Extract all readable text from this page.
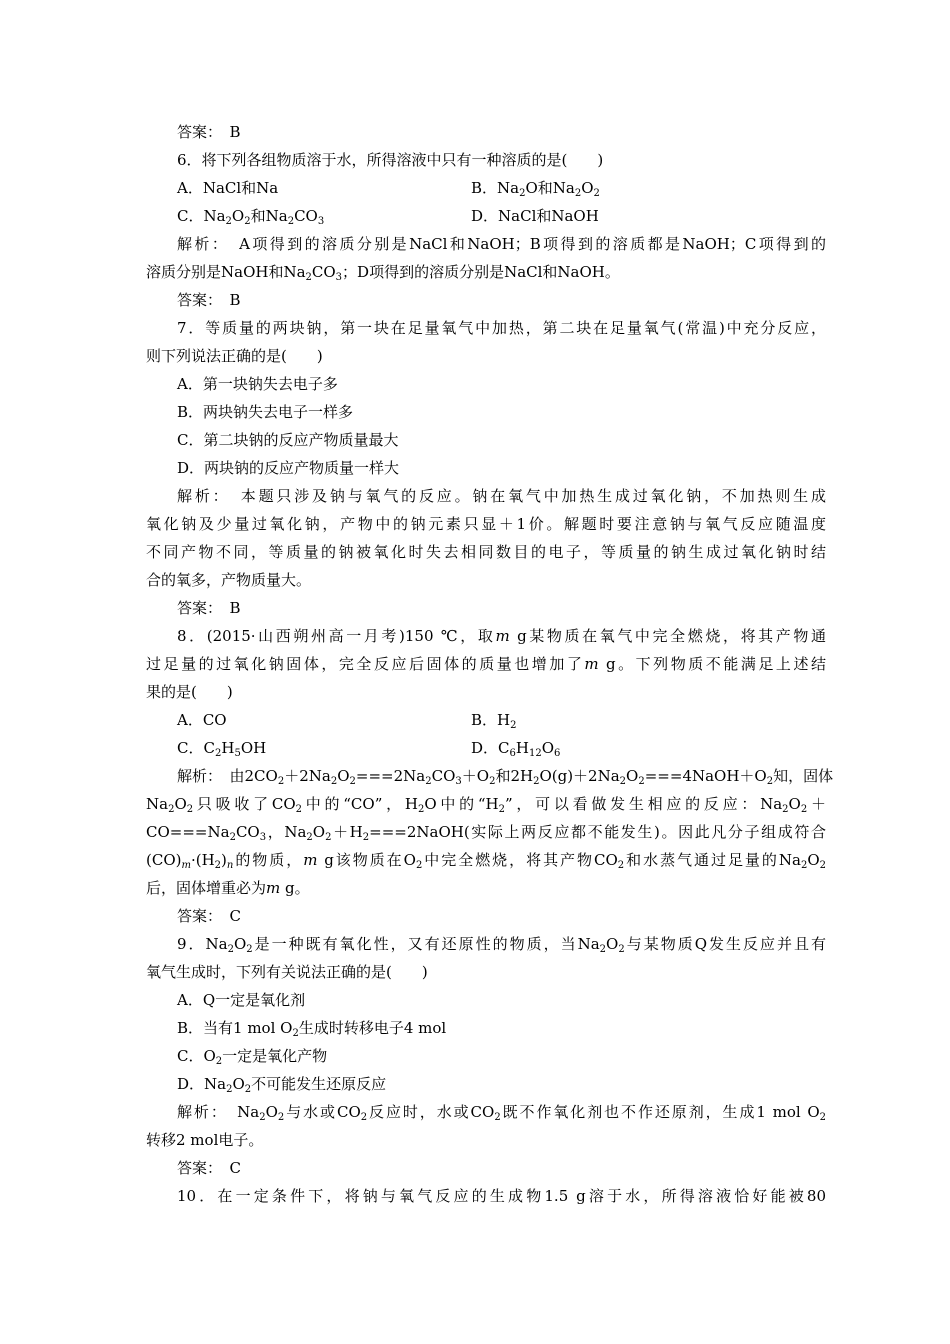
答案：　B
6．将下列各组物质溶于水，所得溶液中只有一种溶质的是(　　)
A．NaCl和Na	B．$Na_2O$和$Na_2O_2$
C．$Na_2O_2$和$Na_2CO_3$	D．NaCl和NaOH
解析：　A项得到的溶质分别是NaCl和NaOH；B项得到的溶质都是NaOH；C项得到的
溶质分别是NaOH和$Na_2CO_3$；D项得到的溶质分别是NaCl和NaOH。
答案：　B
7．等质量的两块钠，第一块在足量氧气中加热，第二块在足量氧气(常温)中充分反应，
则下列说法正确的是(　　)
A．第一块钠失去电子多
B．两块钠失去电子一样多
C．第二块钠的反应产物质量最大
D．两块钠的反应产物质量一样大
解析：　本题只涉及钠与氧气的反应。钠在氧气中加热生成过氧化钠，不加热则生成
氧化钠及少量过氧化钠，产物中的钠元素只显＋1价。解题时要注意钠与氧气反应随温度
不同产物不同，等质量的钠被氧化时失去相同数目的电子，等质量的钠生成过氧化钠时结
合的氧多，产物质量大。
答案：　B
8．(2015·山西朔州高一月考)150 ℃，取m g某物质在氧气中完全燃烧，将其产物通
过足量的过氧化钠固体，完全反应后固体的质量也增加了m g。下列物质不能满足上述结
果的是(　　)
A．CO	B．$H_2$
C．$C_2H_5OH$	D．$C_6H_{12}O_6$
解析：　由$2CO_2+2Na_2O_2===2Na_2CO_3+O_2$和$2H_2O(g)+2Na_2O_2===4NaOH+O_2$知，固体
$Na_2O_2$只吸收了$CO_2$中的“CO”，$H_2O$中的“$H_2$”，可以看做发生相应的反应：$Na_2O_2+$
$CO===Na_2CO_3$，$Na_2O_2+H_2===2NaOH$(实际上两反应都不能发生)。因此凡分子组成符合
$(CO)_m\cdot(H_2)_n$的物质，m g该物质在$O_2$中完全燃烧，将其产物$CO_2$和水蒸气通过足量的$Na_2O_2$
后，固体增重必为m g。
答案：　C
9．$Na_2O_2$是一种既有氧化性，又有还原性的物质，当$Na_2O_2$与某物质Q发生反应并且有
氧气生成时，下列有关说法正确的是(　　)
A．Q一定是氧化剂
B．当有1 mol $O_2$生成时转移电子4 mol
C．$O_2$一定是氧化产物
D．$Na_2O_2$不可能发生还原反应
解析：　$Na_2O_2$与水或$CO_2$反应时，水或$CO_2$既不作氧化剂也不作还原剂，生成1 mol $O_2$
转移2 mol电子。
答案：　C
10．在一定条件下，将钠与氧气反应的生成物1.5 g溶于水，所得溶液恰好能被80
